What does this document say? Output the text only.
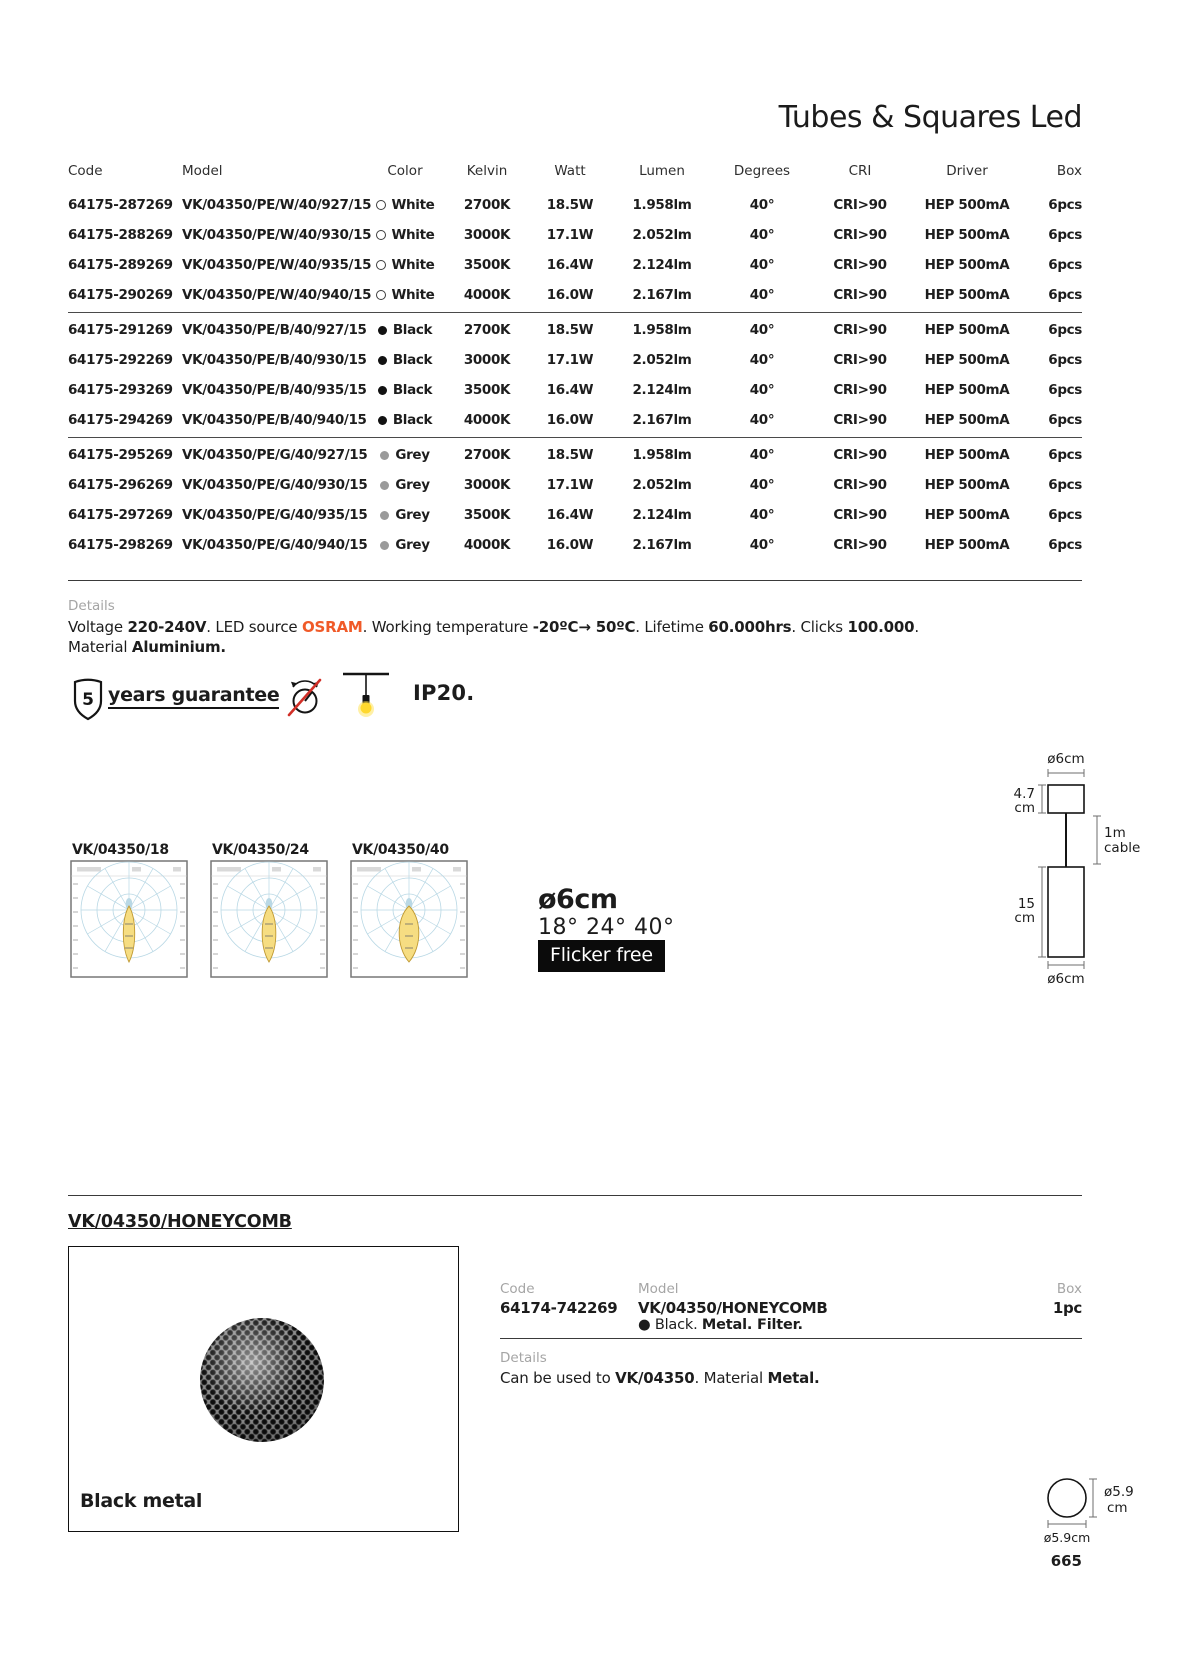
Tubes & Squares Led
Code	Model	Color	Kelvin	Watt	Lumen	Degrees	CRI	Driver	Box
64175-287269 VK/04350/PE/W/40/927/15 White	2700K	18.5W	1.958lm	40°	CRI>90	HEP 500mA	6pcs
64175-288269 VK/04350/PE/W/40/930/15 White	3000K	17.1W	2.052lm	40°	CRI>90	HEP 500mA	6pcs
64175-289269 VK/04350/PE/W/40/935/15 White	3500K	16.4W	2.124lm	40°	CRI>90	HEP 500mA	6pcs
64175-290269 VK/04350/PE/W/40/940/15 White	4000K	16.0W	2.167lm	40°	CRI>90	HEP 500mA	6pcs
64175-291269 VK/04350/PE/B/40/927/15 Black	2700K	18.5W	1.958lm	40°	CRI>90	HEP 500mA	6pcs
64175-292269 VK/04350/PE/B/40/930/15 Black	3000K	17.1W	2.052lm	40°	CRI>90	HEP 500mA	6pcs
64175-293269 VK/04350/PE/B/40/935/15 Black	3500K	16.4W	2.124lm	40°	CRI>90	HEP 500mA	6pcs
64175-294269 VK/04350/PE/B/40/940/15 Black	4000K	16.0W	2.167lm	40°	CRI>90	HEP 500mA	6pcs
64175-295269 VK/04350/PE/G/40/927/15 Grey	2700K	18.5W	1.958lm	40°	CRI>90	HEP 500mA	6pcs
64175-296269 VK/04350/PE/G/40/930/15 Grey	3000K	17.1W	2.052lm	40°	CRI>90	HEP 500mA	6pcs
64175-297269 VK/04350/PE/G/40/935/15 Grey	3500K	16.4W	2.124lm	40°	CRI>90	HEP 500mA	6pcs
64175-298269 VK/04350/PE/G/40/940/15 Grey	4000K	16.0W	2.167lm	40°	CRI>90	HEP 500mA	6pcs
Details
Voltage 220-240V. LED source OSRAM. Working temperature -20ºC→ 50ºC. Lifetime 60.000hrs. Clicks 100.000.
Material Aluminium.
5 years guarantee	IP20.
ø6cm
4.7
cm
1m
cable
15
cm
ø6cm
VK/04350/18	VK/04350/24	VK/04350/40
ø6cm
18° 24° 40°
Flicker free
VK/04350/HONEYCOMB
Black metal
Code
64174-742269
Model
VK/04350/HONEYCOMB
● Black. Metal. Filter.
Box
1pc
Details
Can be used to VK/04350. Material Metal.
ø5.9
cm
ø5.9cm
665
